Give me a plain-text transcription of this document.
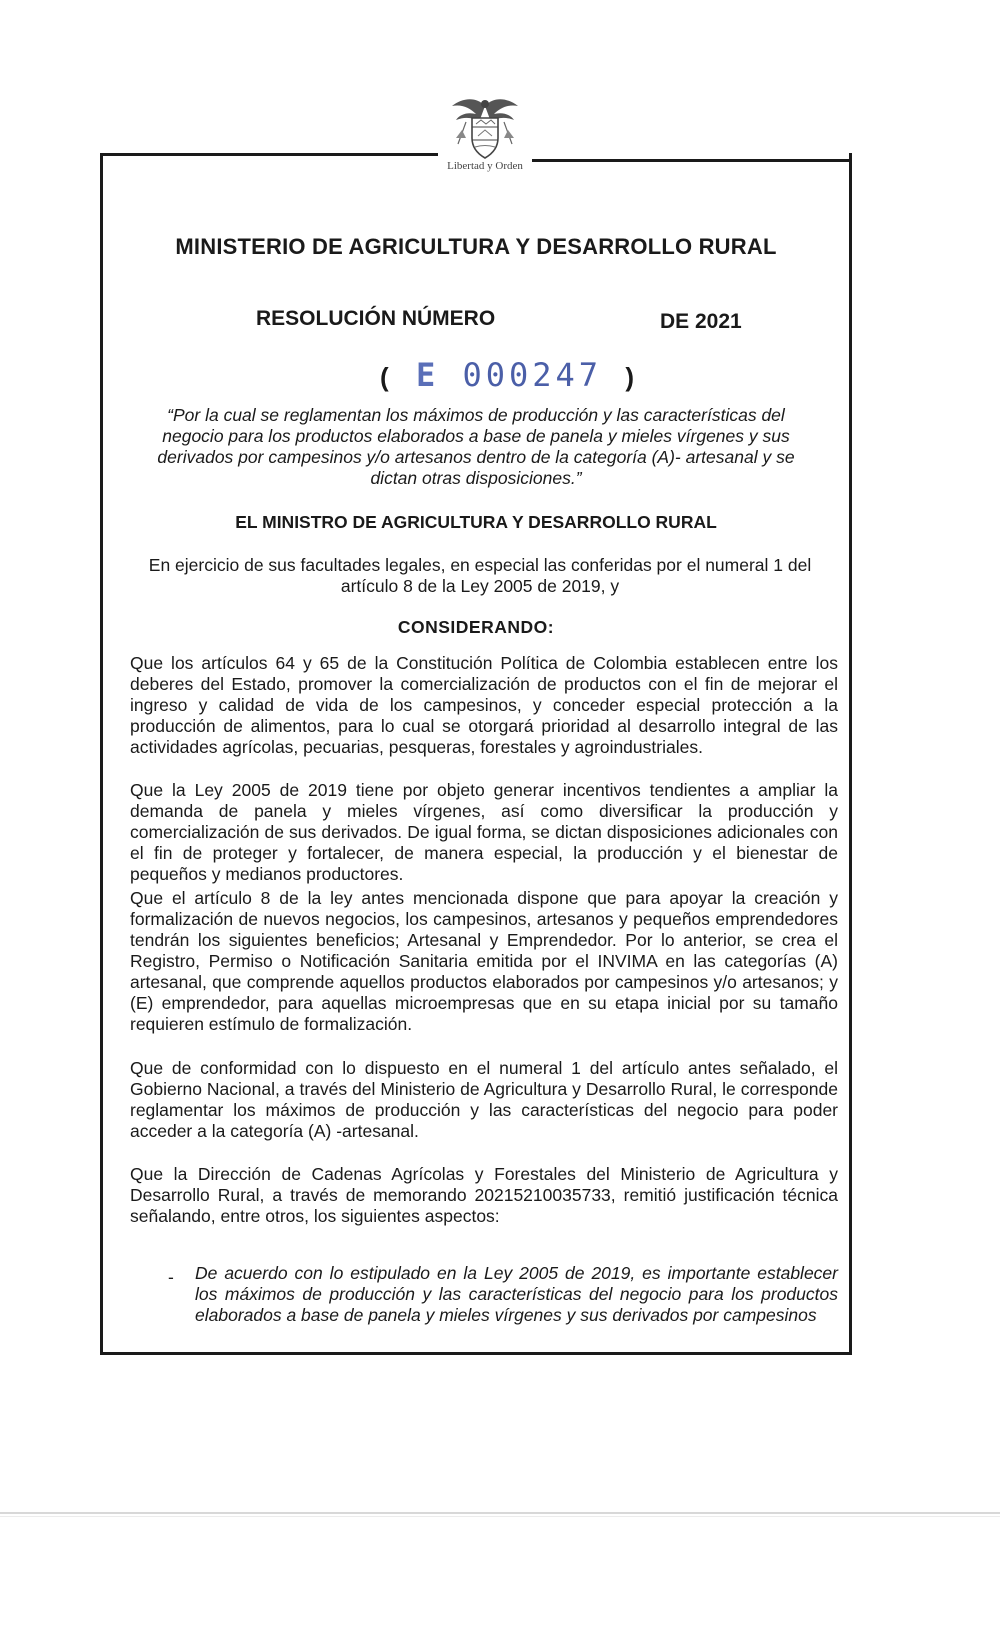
Libertad y Orden
MINISTERIO DE AGRICULTURA Y DESARROLLO RURAL
RESOLUCIÓN NÚMERO	DE 2021
( E 000247 )
“Por la cual se reglamentan los máximos de producción y las características del negocio para los productos elaborados a base de panela y mieles vírgenes y sus derivados por campesinos y/o artesanos dentro de la categoría (A)- artesanal y se dictan otras disposiciones.”
EL MINISTRO DE AGRICULTURA Y DESARROLLO RURAL
En ejercicio de sus facultades legales, en especial las conferidas por el numeral 1 del artículo 8 de la Ley 2005 de 2019, y
CONSIDERANDO:
Que los artículos 64 y 65 de la Constitución Política de Colombia establecen entre los deberes del Estado, promover la comercialización de productos con el fin de mejorar el ingreso y calidad de vida de los campesinos, y conceder especial protección a la producción de alimentos, para lo cual se otorgará prioridad al desarrollo integral de las actividades agrícolas, pecuarias, pesqueras, forestales y agroindustriales.
Que la Ley 2005 de 2019 tiene por objeto generar incentivos tendientes a ampliar la demanda de panela y mieles vírgenes, así como diversificar la producción y comercialización de sus derivados. De igual forma, se dictan disposiciones adicionales con el fin de proteger y fortalecer, de manera especial, la producción y el bienestar de pequeños y medianos productores.
Que el artículo 8 de la ley antes mencionada dispone que para apoyar la creación y formalización de nuevos negocios, los campesinos, artesanos y pequeños emprendedores tendrán los siguientes beneficios; Artesanal y Emprendedor. Por lo anterior, se crea el Registro, Permiso o Notificación Sanitaria emitida por el INVIMA en las categorías (A) artesanal, que comprende aquellos productos elaborados por campesinos y/o artesanos; y (E) emprendedor, para aquellas microempresas que en su etapa inicial por su tamaño requieren estímulo de formalización.
Que de conformidad con lo dispuesto en el numeral 1 del artículo antes señalado, el Gobierno Nacional, a través del Ministerio de Agricultura y Desarrollo Rural, le corresponde reglamentar los máximos de producción y las características del negocio para poder acceder a la categoría (A) -artesanal.
Que la Dirección de Cadenas Agrícolas y Forestales del Ministerio de Agricultura y Desarrollo Rural, a través de memorando 20215210035733, remitió justificación técnica señalando, entre otros, los siguientes aspectos:
- De acuerdo con lo estipulado en la Ley 2005 de 2019, es importante establecer los máximos de producción y las características del negocio para los productos elaborados a base de panela y mieles vírgenes y sus derivados por campesinos
